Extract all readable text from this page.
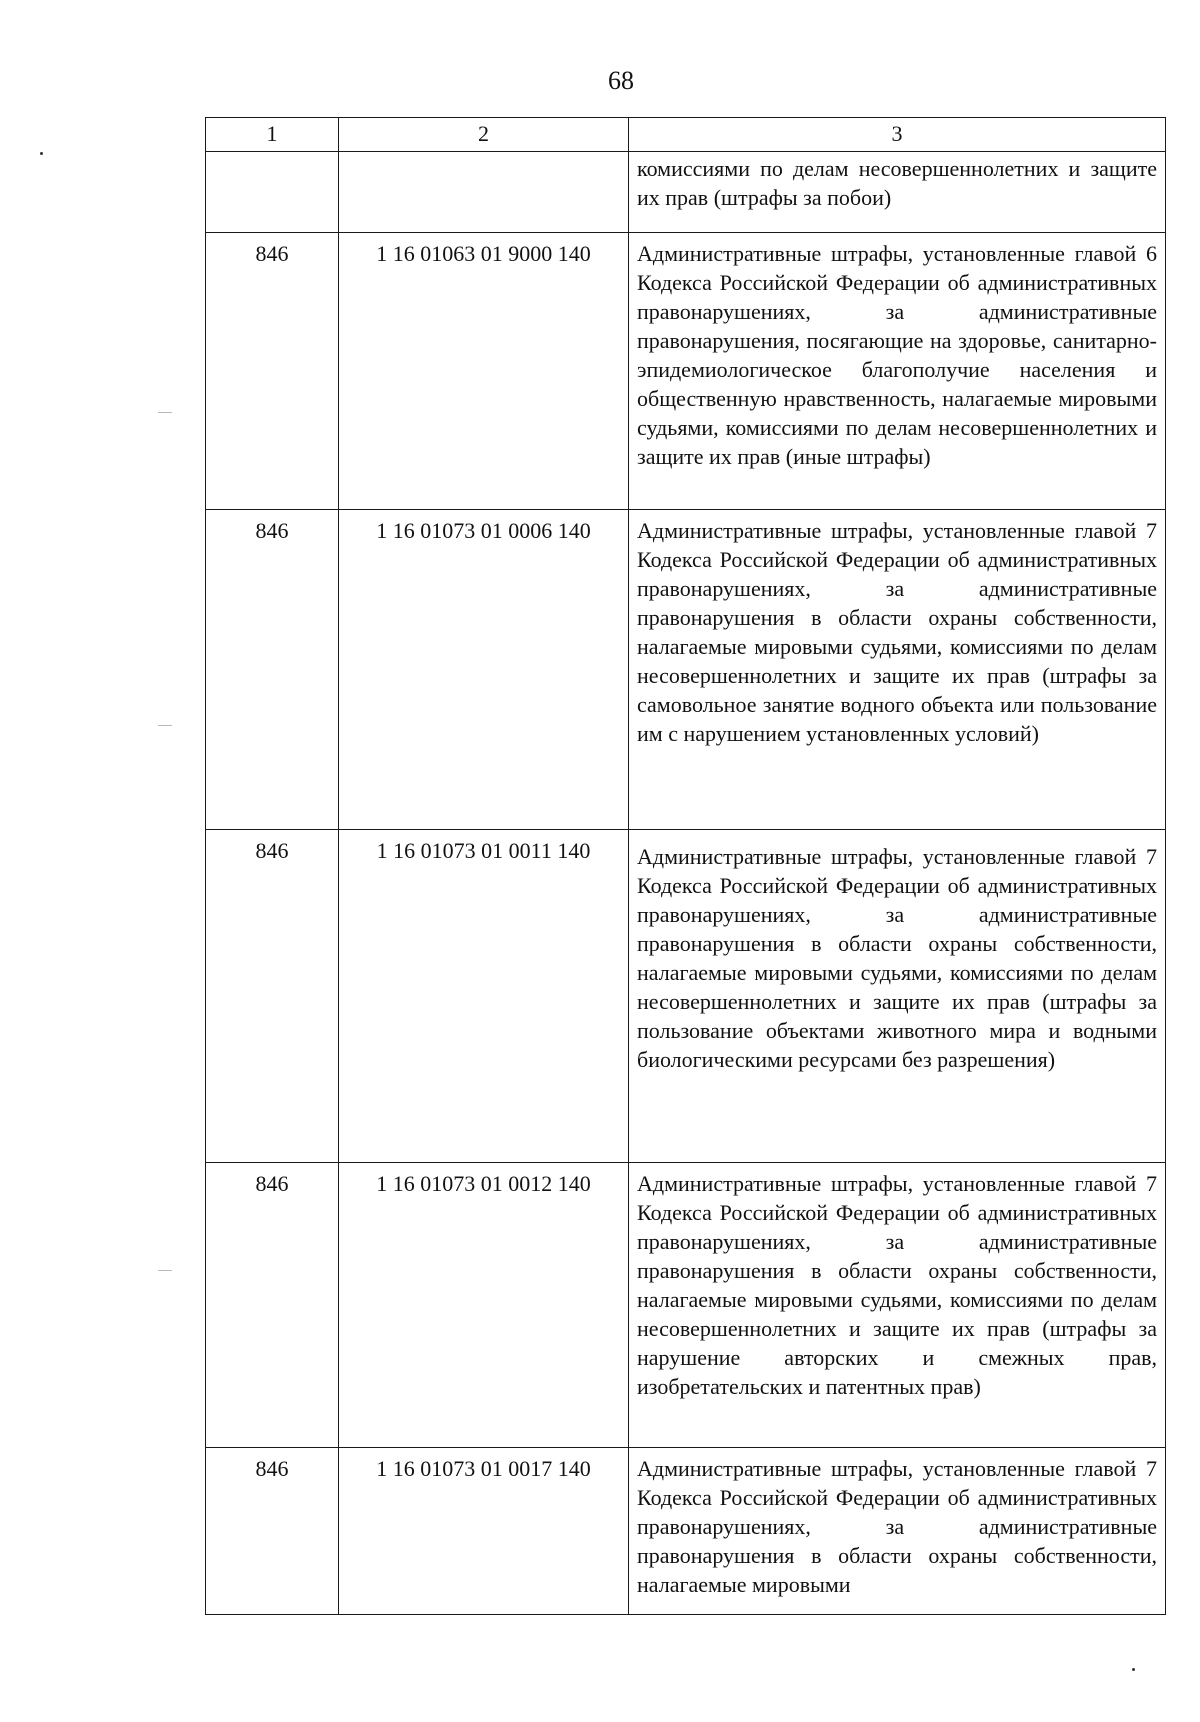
68
1	2	3
		комиссиями по делам несовершеннолетних и защите их прав (штрафы за побои)
846	1 16 01063 01 9000 140	Административные штрафы, установленные главой 6 Кодекса Российской Федерации об административных правонарушениях, за административные правонарушения, посягающие на здоровье, санитарно-эпидемиологическое благополучие населения и общественную нравственность, налагаемые мировыми судьями, комиссиями по делам несовершеннолетних и защите их прав (иные штрафы)
846	1 16 01073 01 0006 140	Административные штрафы, установленные главой 7 Кодекса Российской Федерации об административных правонарушениях, за административные правонарушения в области охраны собственности, налагаемые мировыми судьями, комиссиями по делам несовершеннолетних и защите их прав (штрафы за самовольное занятие водного объекта или пользование им с нарушением установленных условий)
846	1 16 01073 01 0011 140	Административные штрафы, установленные главой 7 Кодекса Российской Федерации об административных правонарушениях, за административные правонарушения в области охраны собственности, налагаемые мировыми судьями, комиссиями по делам несовершеннолетних и защите их прав (штрафы за пользование объектами животного мира и водными биологическими ресурсами без разрешения)
846	1 16 01073 01 0012 140	Административные штрафы, установленные главой 7 Кодекса Российской Федерации об административных правонарушениях, за административные правонарушения в области охраны собственности, налагаемые мировыми судьями, комиссиями по делам несовершеннолетних и защите их прав (штрафы за нарушение авторских и смежных прав, изобретательских и патентных прав)
846	1 16 01073 01 0017 140	Административные штрафы, установленные главой 7 Кодекса Российской Федерации об административных правонарушениях, за административные правонарушения в области охраны собственности, налагаемые мировыми
